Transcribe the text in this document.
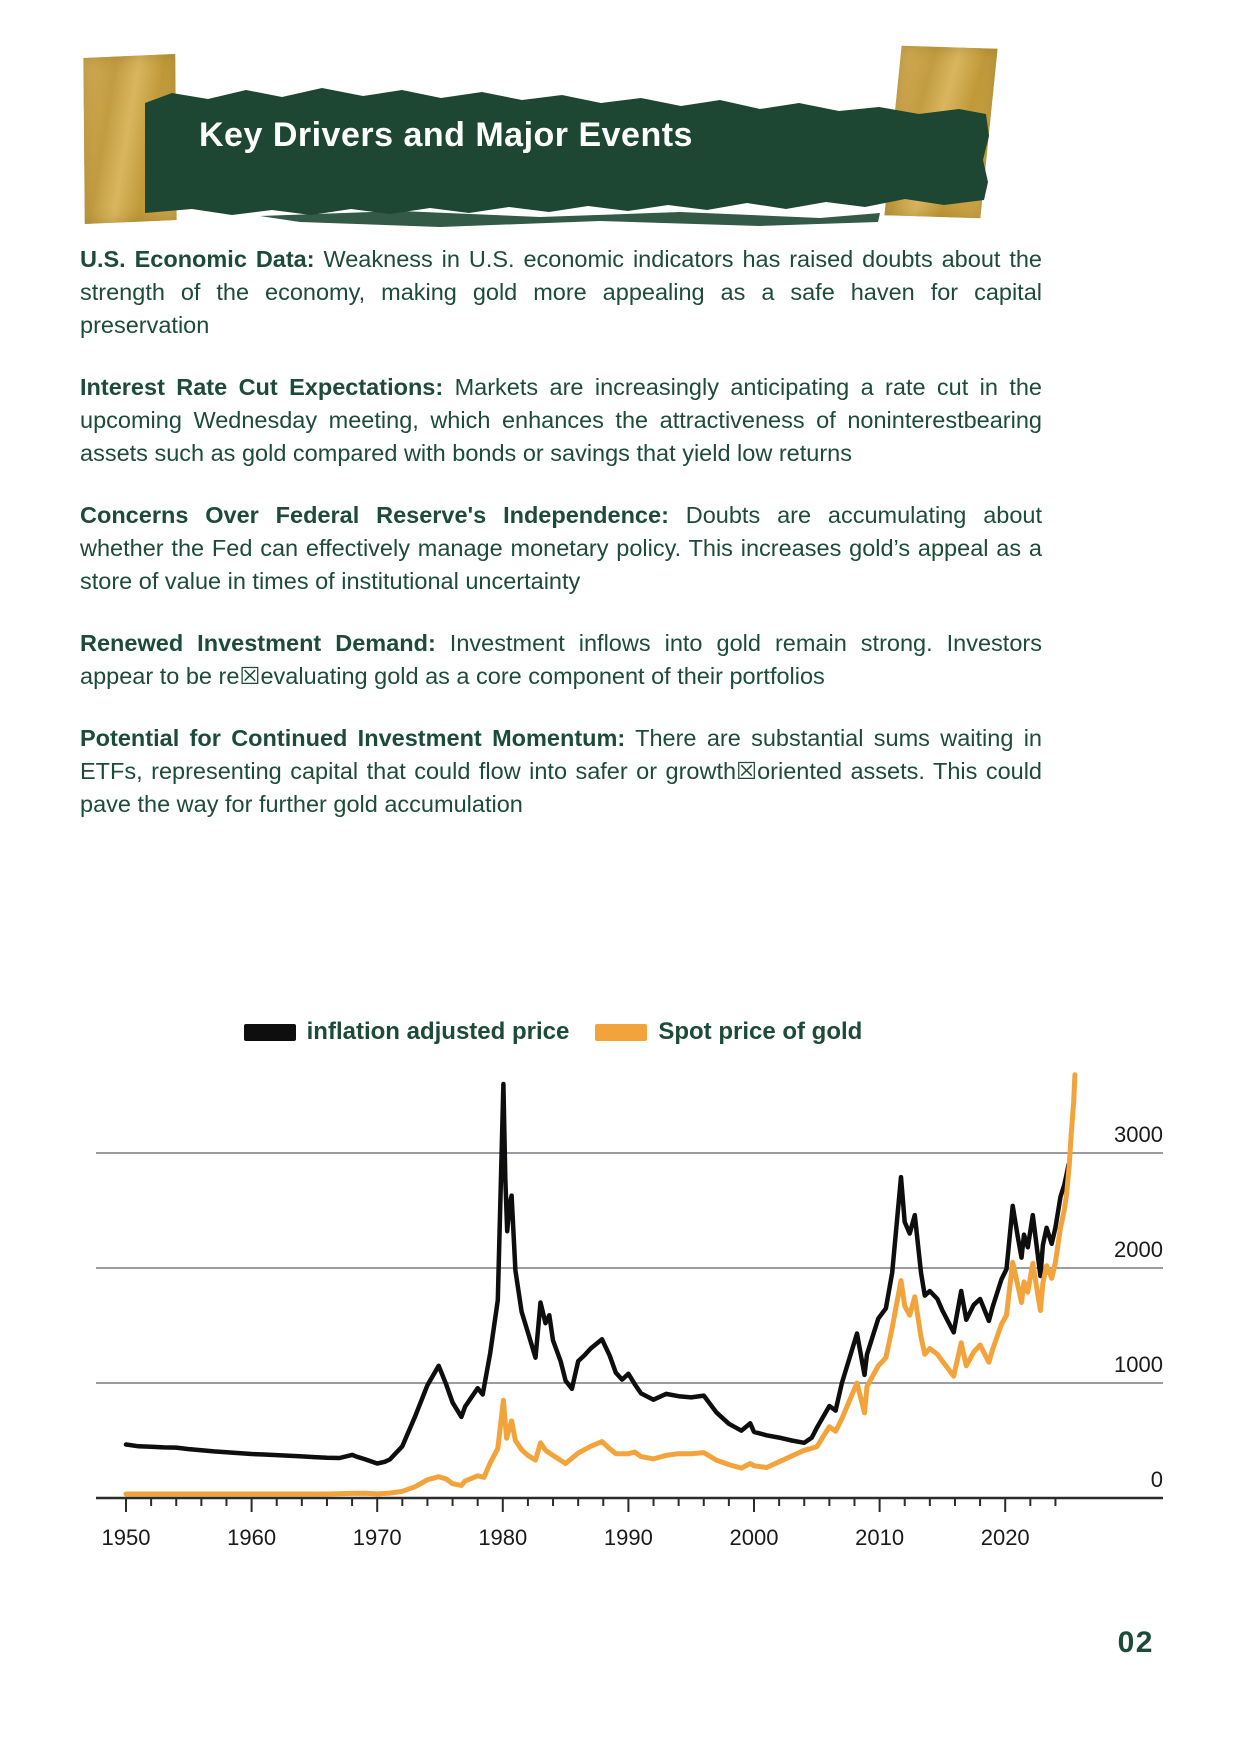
Key Drivers and Major Events

U.S. Economic Data: Weakness in U.S. economic indicators has raised doubts about the strength of the economy, making gold more appealing as a safe haven for capital preservation

Interest Rate Cut Expectations: Markets are increasingly anticipating a rate cut in the upcoming Wednesday meeting, which enhances the attractiveness of noninterestbearing assets such as gold compared with bonds or savings that yield low returns

Concerns Over Federal Reserve's Independence: Doubts are accumulating about whether the Fed can effectively manage monetary policy. This increases gold’s appeal as a store of value in times of institutional uncertainty

Renewed Investment Demand: Investment inflows into gold remain strong. Investors appear to be re☒evaluating gold as a core component of their portfolios

Potential for Continued Investment Momentum: There are substantial sums waiting in ETFs, representing capital that could flow into safer or growth☒oriented assets. This could pave the way for further gold accumulation

inflation adjusted price	Spot price of gold
1950	1960	1970	1980	1990	2000	2010	2020
0
1000
2000
3000
02
